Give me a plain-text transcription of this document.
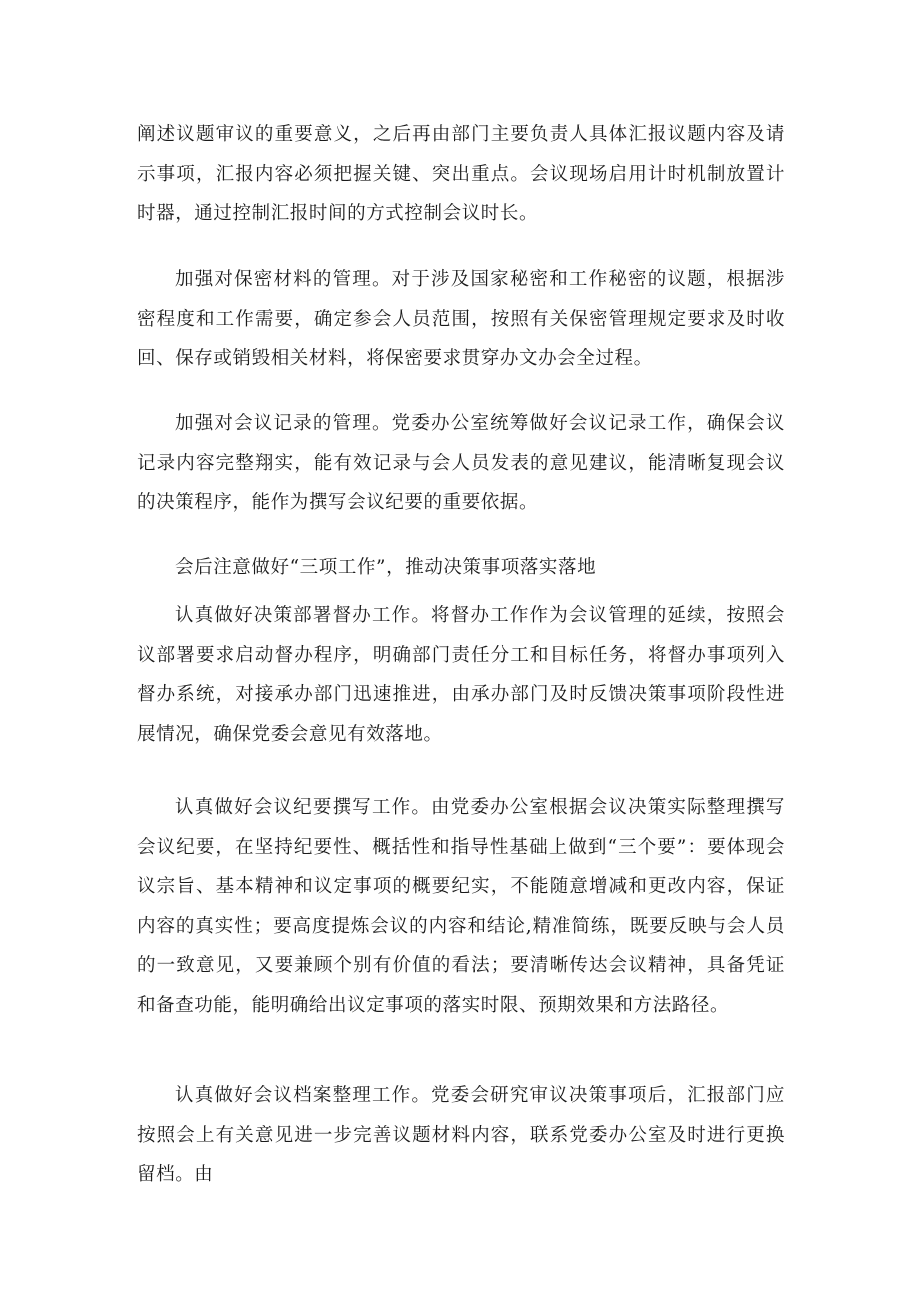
阐述议题审议的重要意义，之后再由部门主要负责人具体汇报议题内容及请示事项，汇报内容必须把握关键、突出重点。会议现场启用计时机制放置计时器，通过控制汇报时间的方式控制会议时长。

加强对保密材料的管理。对于涉及国家秘密和工作秘密的议题，根据涉密程度和工作需要，确定参会人员范围，按照有关保密管理规定要求及时收回、保存或销毁相关材料，将保密要求贯穿办文办会全过程。

加强对会议记录的管理。党委办公室统筹做好会议记录工作，确保会议记录内容完整翔实，能有效记录与会人员发表的意见建议，能清晰复现会议的决策程序，能作为撰写会议纪要的重要依据。

会后注意做好“三项工作”，推动决策事项落实落地

认真做好决策部署督办工作。将督办工作作为会议管理的延续，按照会议部署要求启动督办程序，明确部门责任分工和目标任务，将督办事项列入督办系统，对接承办部门迅速推进，由承办部门及时反馈决策事项阶段性进展情况，确保党委会意见有效落地。

认真做好会议纪要撰写工作。由党委办公室根据会议决策实际整理撰写会议纪要，在坚持纪要性、概括性和指导性基础上做到“三个要”：要体现会议宗旨、基本精神和议定事项的概要纪实，不能随意增减和更改内容，保证内容的真实性；要高度提炼会议的内容和结论,精准简练，既要反映与会人员的一致意见，又要兼顾个别有价值的看法；要清晰传达会议精神，具备凭证和备查功能，能明确给出议定事项的落实时限、预期效果和方法路径。

认真做好会议档案整理工作。党委会研究审议决策事项后，汇报部门应按照会上有关意见进一步完善议题材料内容，联系党委办公室及时进行更换留档。由
